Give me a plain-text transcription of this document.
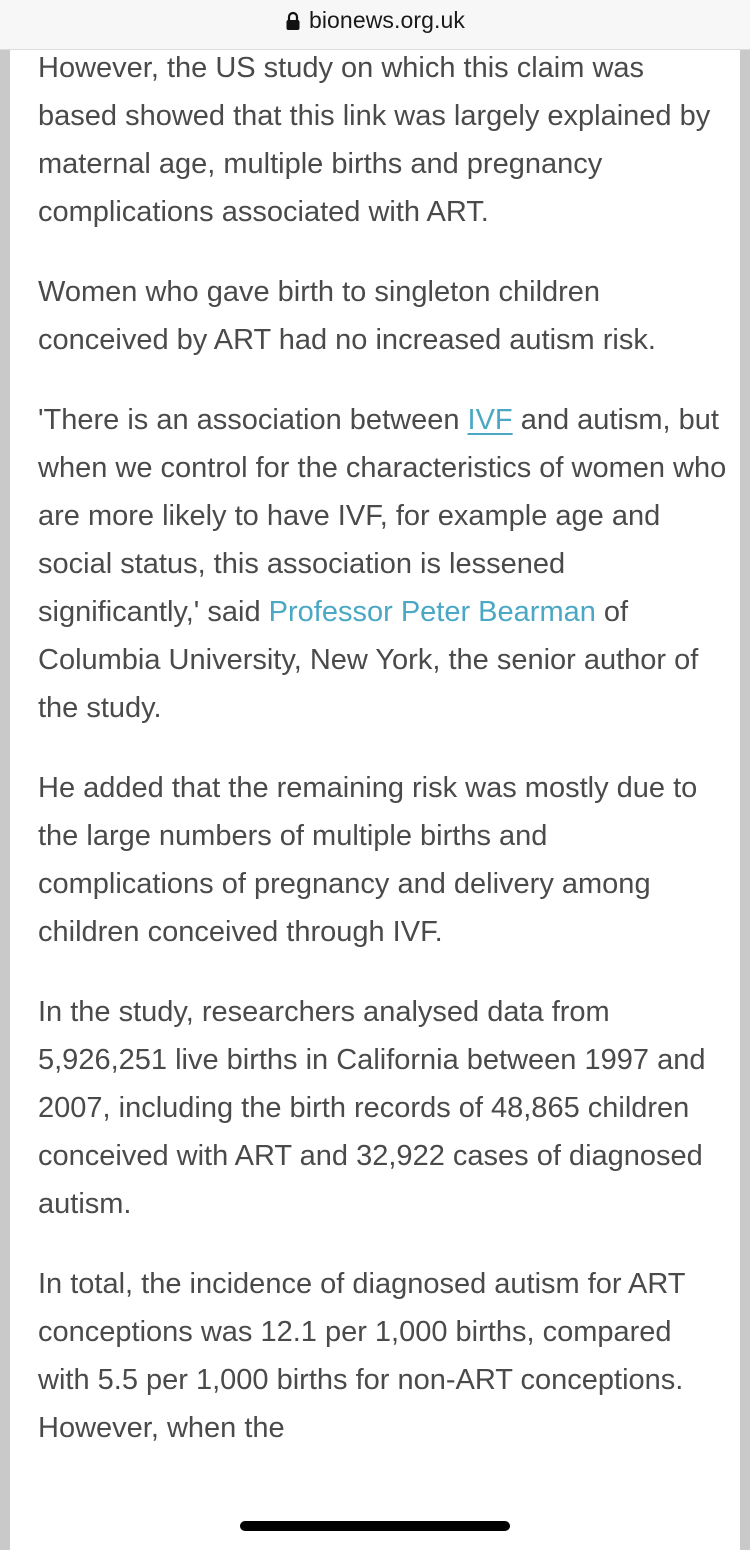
bionews.org.uk

However, the US study on which this claim was based showed that this link was largely explained by maternal age, multiple births and pregnancy complications associated with ART.

Women who gave birth to singleton children conceived by ART had no increased autism risk.

'There is an association between IVF and autism, but when we control for the characteristics of women who are more likely to have IVF, for example age and social status, this association is lessened significantly,' said Professor Peter Bearman of Columbia University, New York, the senior author of the study.

He added that the remaining risk was mostly due to the large numbers of multiple births and complications of pregnancy and delivery among children conceived through IVF.

In the study, researchers analysed data from 5,926,251 live births in California between 1997 and 2007, including the birth records of 48,865 children conceived with ART and 32,922 cases of diagnosed autism.

In total, the incidence of diagnosed autism for ART conceptions was 12.1 per 1,000 births, compared with 5.5 per 1,000 births for non-ART conceptions. However, when the
